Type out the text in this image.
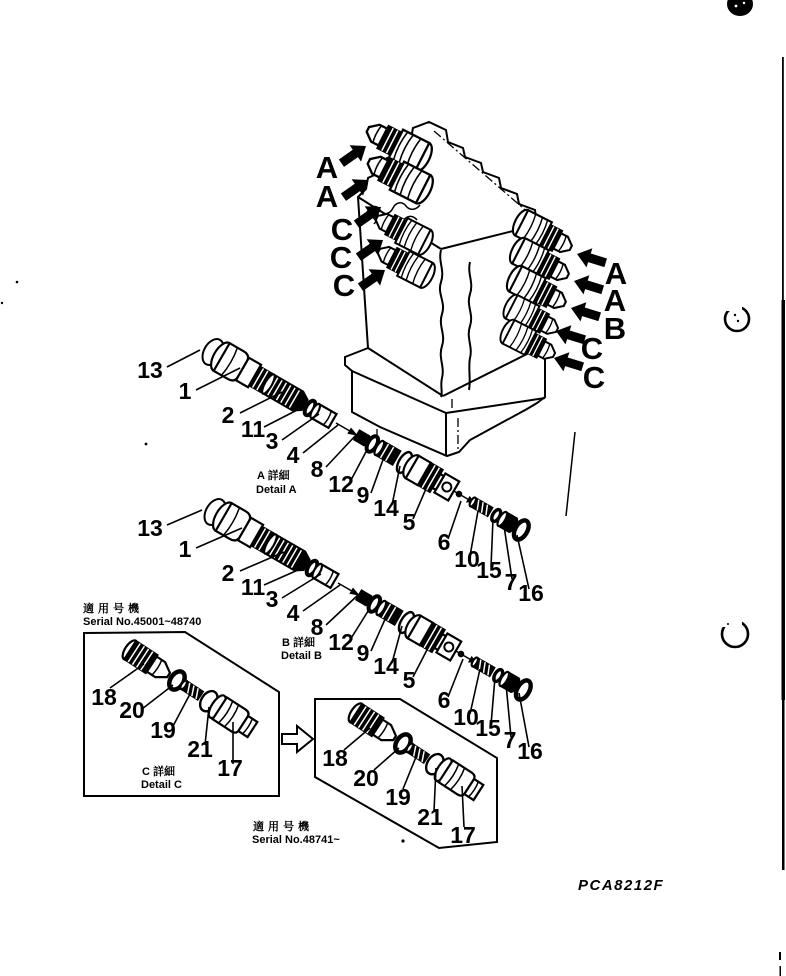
A
A
C
C
C	A
A
B
C
C
13
1
2
11 3
4
8
12 9 14
5
6
10
15 7 16
A 詳細
Detail A
13
1
2
11 3
4
8
12 9 14
5
6
10
15 7 16
B 詳細
Detail B
適用号機
Serial No.45001~48740
18 20
19
21
17
C 詳細
Detail C
18
20
19
21
17
適用号機
Serial No.48741~
PCA8212F
